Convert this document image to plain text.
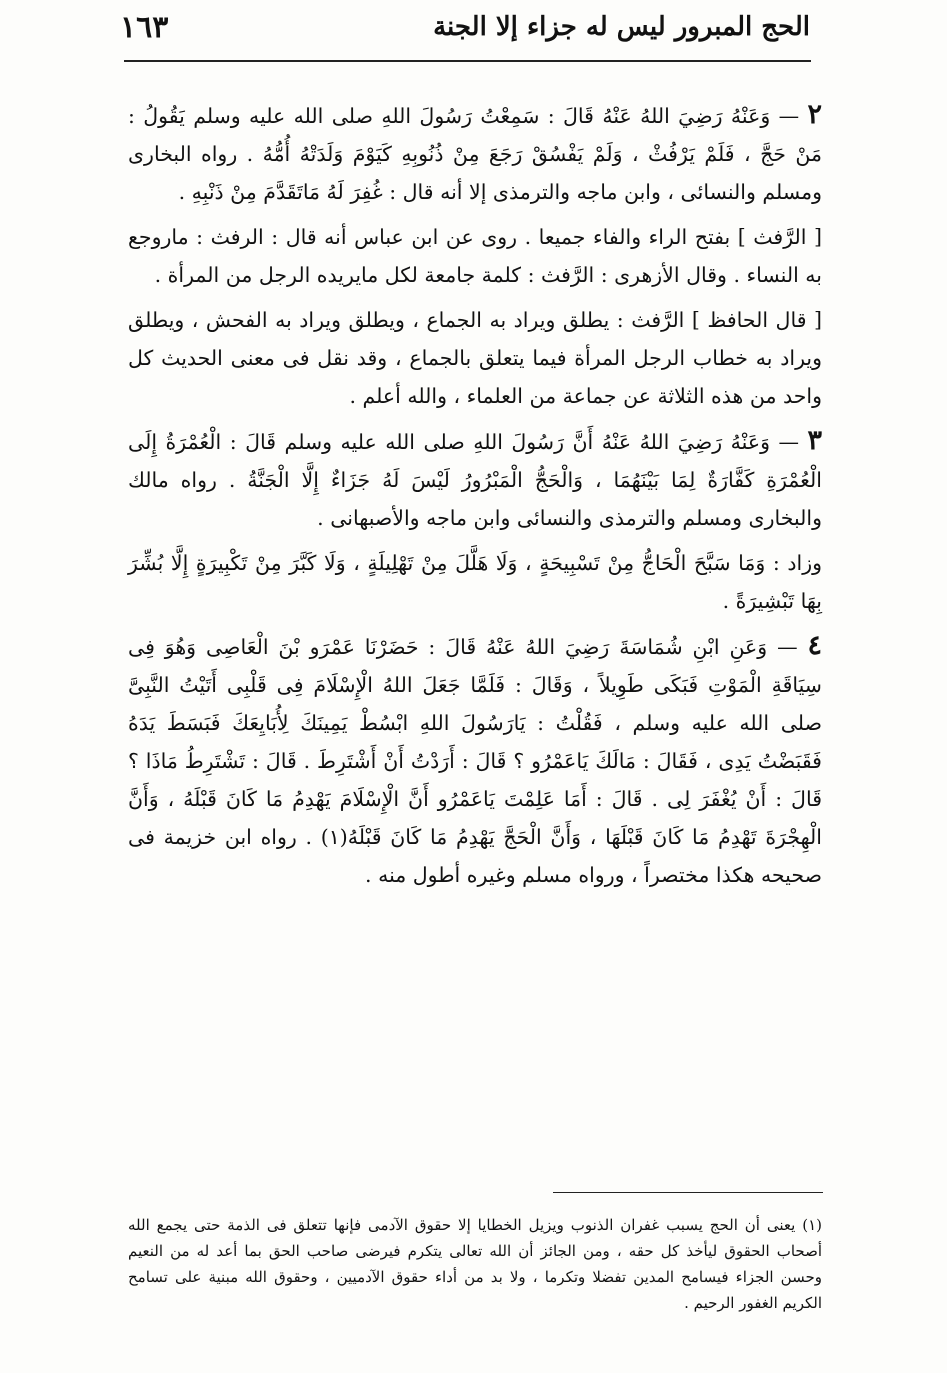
الحج المبرور ليس له جزاء إلا الجنة
١٦٣

٢ — وَعَنْهُ رَضِيَ اللهُ عَنْهُ قَالَ : سَمِعْتُ رَسُولَ اللهِ صلى الله عليه وسلم يَقُولُ : مَنْ حَجَّ ، فَلَمْ يَرْفُثْ ، وَلَمْ يَفْسُقْ رَجَعَ مِنْ ذُنُوبِهِ كَيَوْمَ وَلَدَتْهُ أُمُّهُ . رواه البخارى ومسلم والنسائى ، وابن ماجه والترمذى إلا أنه قال : غُفِرَ لَهُ مَاتَقَدَّمَ مِنْ ذَنْبِهِ .

[ الرَّفث ] بفتح الراء والفاء جميعا . روى عن ابن عباس أنه قال : الرفث : ماروجع به النساء . وقال الأزهرى : الرَّفث : كلمة جامعة لكل مايريده الرجل من المرأة .

[ قال الحافظ ] الرَّفث : يطلق ويراد به الجماع ، ويطلق ويراد به الفحش ، ويطلق ويراد به خطاب الرجل المرأة فيما يتعلق بالجماع ، وقد نقل فى معنى الحديث كل واحد من هذه الثلاثة عن جماعة من العلماء ، والله أعلم .

٣ — وَعَنْهُ رَضِيَ اللهُ عَنْهُ أَنَّ رَسُولَ اللهِ صلى الله عليه وسلم قَالَ : الْعُمْرَةُ إِلَى الْعُمْرَةِ كَفَّارَةٌ لِمَا بَيْنَهُمَا ، وَالْحَجُّ الْمَبْرُورُ لَيْسَ لَهُ جَزَاءٌ إِلَّا الْجَنَّةُ . رواه مالك والبخارى ومسلم والترمذى والنسائى وابن ماجه والأصبهانى .

وزاد : وَمَا سَبَّحَ الْحَاجُّ مِنْ تَسْبِيحَةٍ ، وَلَا هَلَّلَ مِنْ تَهْلِيلَةٍ ، وَلَا كَبَّرَ مِنْ تَكْبِيرَةٍ إِلَّا بُشِّرَ بِهَا تَبْشِيرَةً .

٤ — وَعَنِ ابْنِ شُمَاسَةَ رَضِيَ اللهُ عَنْهُ قَالَ : حَضَرْنَا عَمْرَو بْنَ الْعَاصِى وَهُوَ فِى سِيَاقَةِ الْمَوْتِ فَبَكَى طَوِيلاً ، وَقَالَ : فَلَمَّا جَعَلَ اللهُ الْإِسْلَامَ فِى قَلْبِى أَتَيْتُ النَّبِىَّ صلى الله عليه وسلم ، فَقُلْتُ : يَارَسُولَ اللهِ ابْسُطْ يَمِينَكَ لِأُبَايِعَكَ فَبَسَطَ يَدَهُ فَقَبَضْتُ يَدِى ، فَقَالَ : مَالَكَ يَاعَمْرُو ؟ قَالَ : أَرَدْتُ أَنْ أَشْتَرِطَ . قَالَ : تَشْتَرِطُ مَاذَا ؟ قَالَ : أَنْ يُغْفَرَ لِى . قَالَ : أَمَا عَلِمْتَ يَاعَمْرُو أَنَّ الْإِسْلَامَ يَهْدِمُ مَا كَانَ قَبْلَهُ ، وَأَنَّ الْهِجْرَةَ تَهْدِمُ مَا كَانَ قَبْلَهَا ، وَأَنَّ الْحَجَّ يَهْدِمُ مَا كَانَ قَبْلَهُ(١) . رواه ابن خزيمة فى صحيحه هكذا مختصراً ، ورواه مسلم وغيره أطول منه .

(١) يعنى أن الحج يسبب غفران الذنوب ويزيل الخطايا إلا حقوق الآدمى فإنها تتعلق فى الذمة حتى يجمع الله أصحاب الحقوق ليأخذ كل حقه ، ومن الجائز أن الله تعالى يتكرم فيرضى صاحب الحق بما أعد له من النعيم وحسن الجزاء فيسامح المدين تفضلا وتكرما ، ولا بد من أداء حقوق الآدميين ، وحقوق الله مبنية على تسامح الكريم الغفور الرحيم .
